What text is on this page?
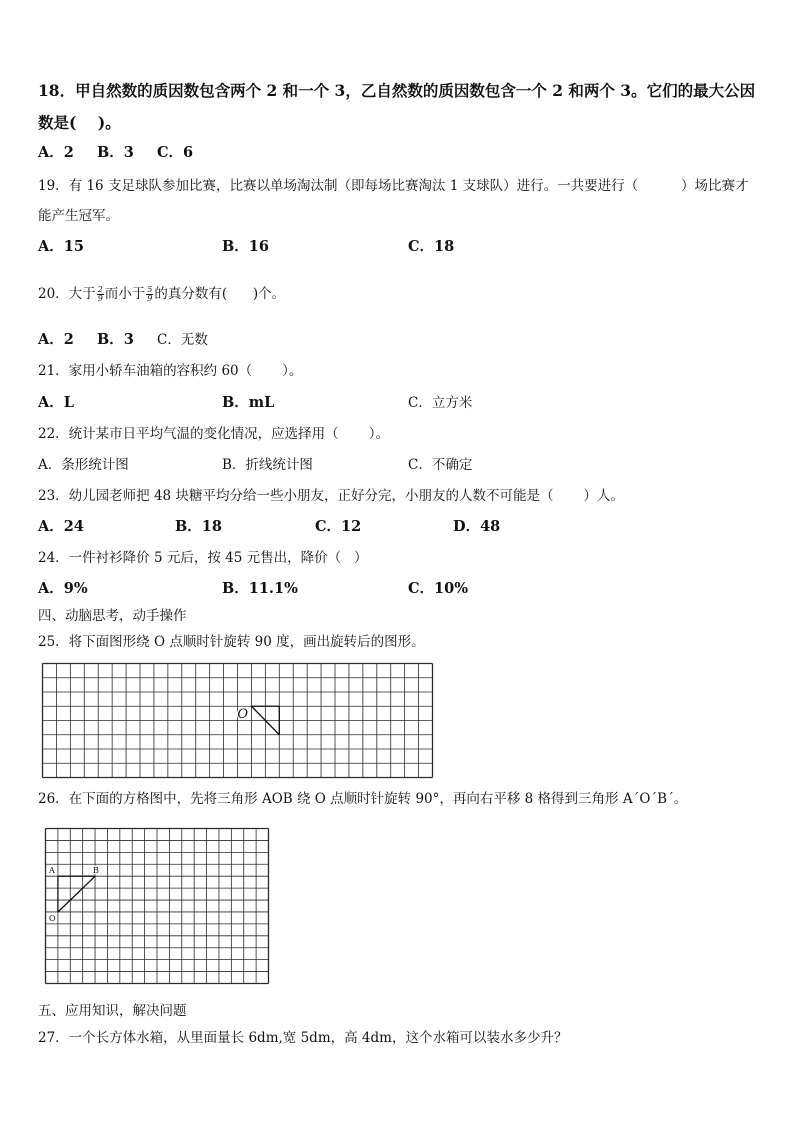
18．甲自然数的质因数包含两个 2 和一个 3，乙自然数的质因数包含一个 2 和两个 3。它们的最大公因
数是(    )。
A．2 B．3 C．6
19．有 16 支足球队参加比赛，比赛以单场淘汰制（即每场比赛淘汰 1 支球队）进行。一共要进行（          ）场比赛才
能产生冠军。
A．15	B．16	C．18
20．大于 $\frac{2}{9}$ 而小于 $\frac{5}{9}$ 的真分数有(      )个。
A．2 B．3 C．无数
21．家用小轿车油箱的容积约 60（       ）。
A．L	B．mL	C．立方米
22．统计某市日平均气温的变化情况，应选择用（       ）。
A．条形统计图	B．折线统计图	C．不确定
23．幼儿园老师把 48 块糖平均分给一些小朋友，正好分完，小朋友的人数不可能是（       ）人。
A．24	B．18	C．12	D．48
24．一件衬衫降价 5 元后，按 45 元售出，降价（   ）
A．9%	B．11.1%	C．10%
四、动脑思考，动手操作
25．将下面图形绕 O 点顺时针旋转 90 度，画出旋转后的图形。
O
26．在下面的方格图中，先将三角形 AOB 绕 O 点顺时针旋转 90°，再向右平移 8 格得到三角形 A´O´B´。
A	B
O
五、应用知识，解决问题
27．一个长方体水箱，从里面量长 6dm,宽 5dm，高 4dm，这个水箱可以装水多少升？
